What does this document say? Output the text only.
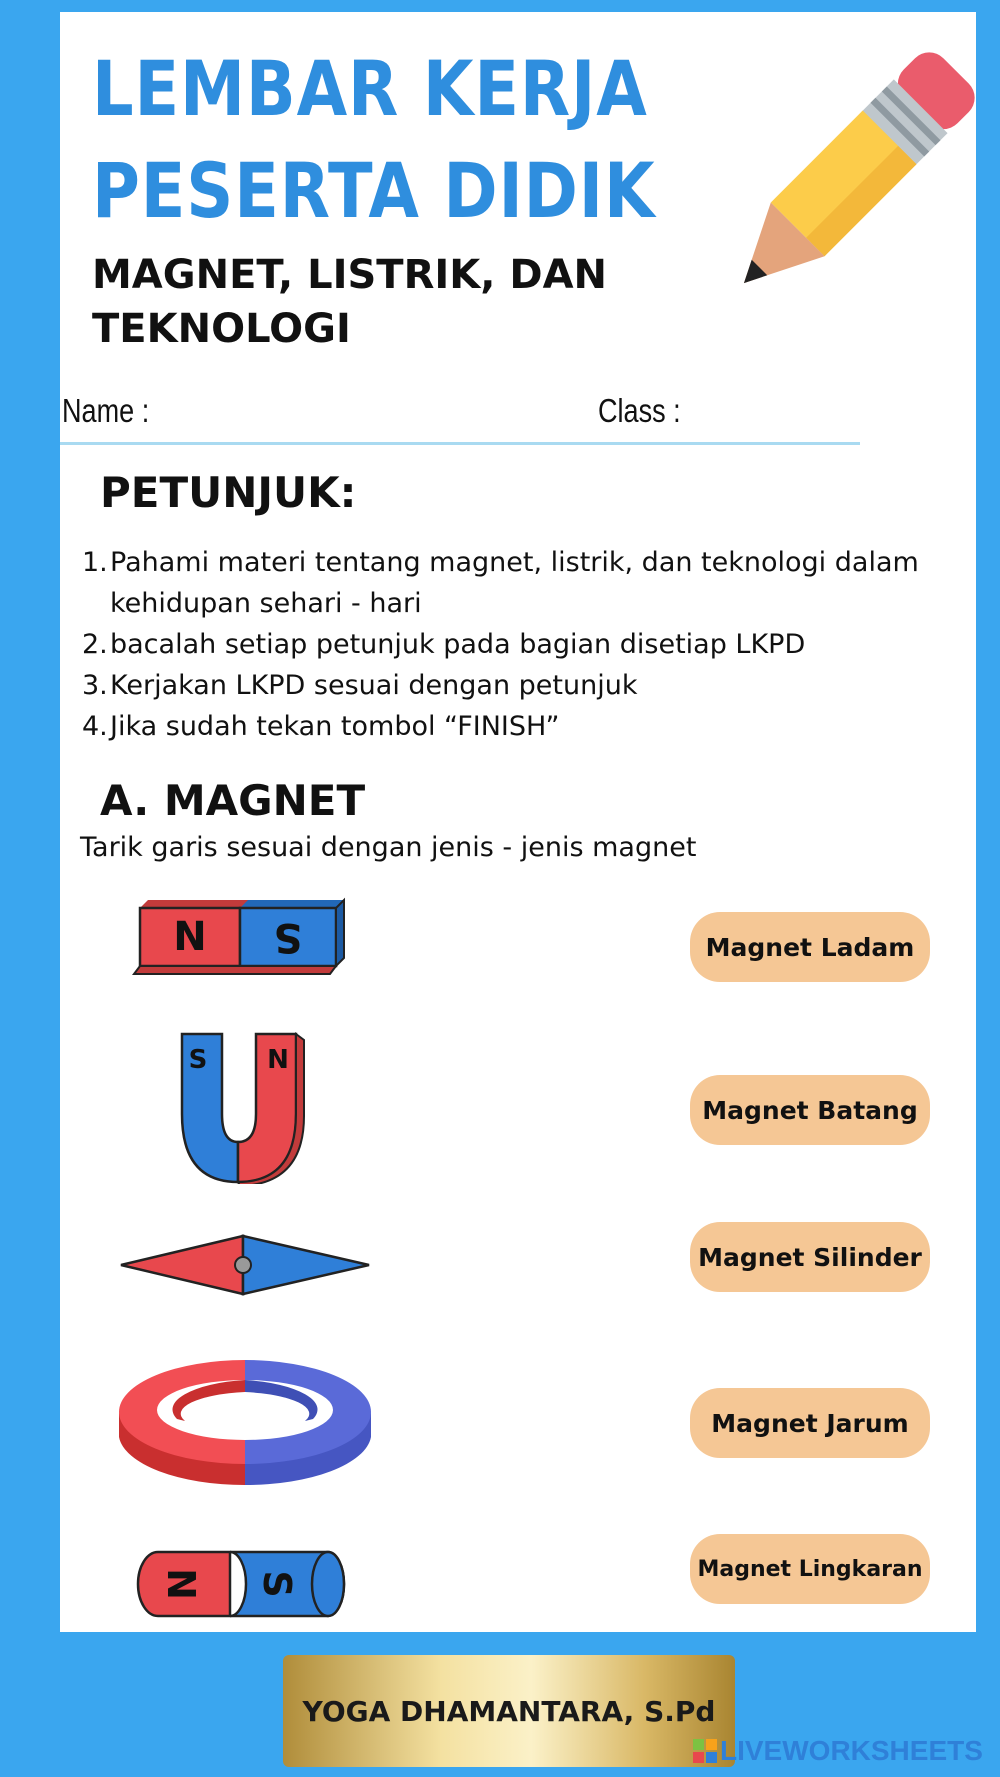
LEMBAR KERJA
PESERTA DIDIK
MAGNET, LISTRIK, DAN
TEKNOLOGI
Name :	Class :
PETUNJUK:
1. Pahami materi tentang magnet, listrik, dan teknologi dalam kehidupan sehari - hari
2. bacalah setiap petunjuk pada bagian disetiap LKPD
3. Kerjakan LKPD sesuai dengan petunjuk
4. Jika sudah tekan tombol “FINISH”
A. MAGNET

Tarik garis sesuai dengan jenis - jenis magnet

N S
S N
N S
Magnet Ladam
Magnet Batang
Magnet Silinder
Magnet Jarum
Magnet Lingkaran
YOGA DHAMANTARA, S.Pd
LIVEWORKSHEETS
